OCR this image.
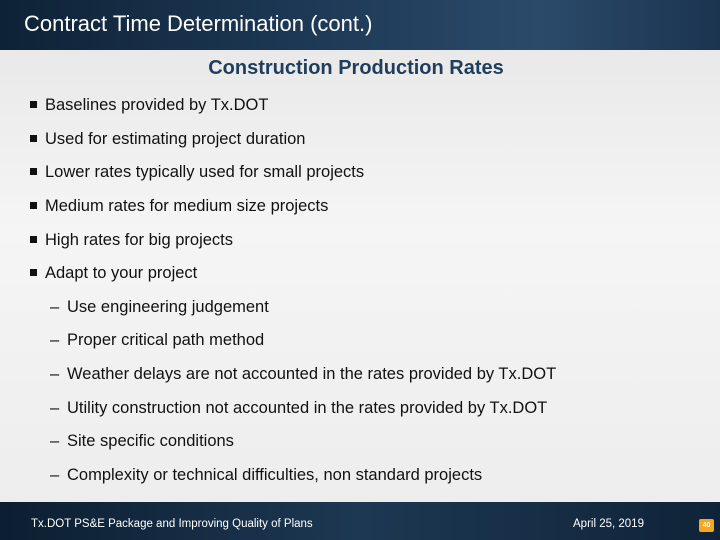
Contract Time Determination (cont.)
Construction Production Rates
Baselines provided by Tx.DOT
Used for estimating project duration
Lower rates typically used for small projects
Medium rates for medium size projects
High rates for big projects
Adapt to your project
– Use engineering judgement
– Proper critical path method
– Weather delays are not accounted in the rates provided by Tx.DOT
– Utility construction not accounted in the rates provided by Tx.DOT
– Site specific conditions
– Complexity or technical difficulties, non standard projects
Tx.DOT PS&E Package and Improving Quality of Plans	April 25, 2019	40
